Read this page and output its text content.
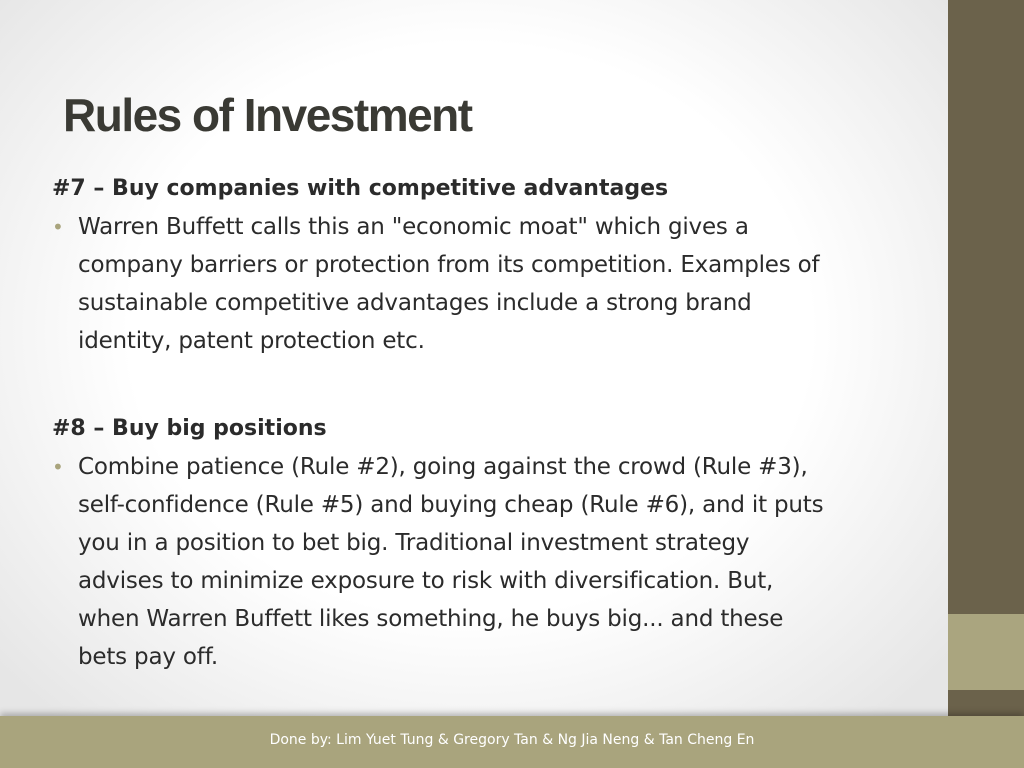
Rules of Investment

#7 – Buy companies with competitive advantages

• Warren Buffett calls this an "economic moat" which gives a
company barriers or protection from its competition. Examples of
sustainable competitive advantages include a strong brand
identity, patent protection etc.

#8 – Buy big positions

• Combine patience (Rule #2), going against the crowd (Rule #3),
self-confidence (Rule #5) and buying cheap (Rule #6), and it puts
you in a position to bet big. Traditional investment strategy
advises to minimize exposure to risk with diversification. But,
when Warren Buffett likes something, he buys big... and these
bets pay off.
Done by: Lim Yuet Tung & Gregory Tan & Ng Jia Neng & Tan Cheng En
